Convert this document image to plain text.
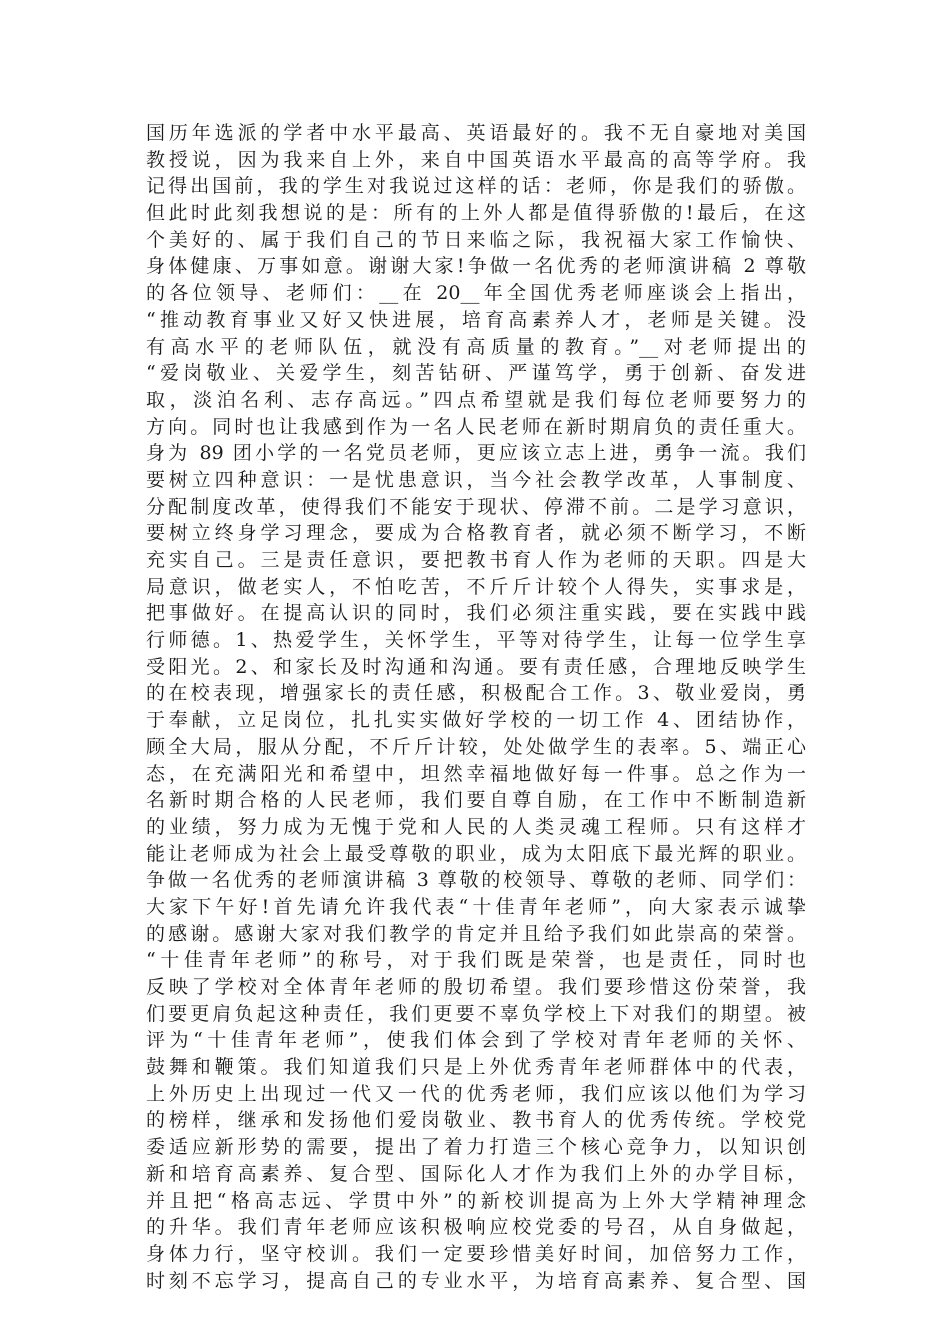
国历年选派的学者中水平最高、英语最好的。我不无自豪地对美国
教授说，因为我来自上外，来自中国英语水平最高的高等学府。我
记得出国前，我的学生对我说过这样的话：老师，你是我们的骄傲。
但此时此刻我想说的是：所有的上外人都是值得骄傲的!最后，在这
个美好的、属于我们自己的节日来临之际，我祝福大家工作愉快、
身体健康、万事如意。谢谢大家!争做一名优秀的老师演讲稿 2 尊敬
的各位领导、老师们：__在 20__年全国优秀老师座谈会上指出，
“推动教育事业又好又快进展，培育高素养人才，老师是关键。没
有高水平的老师队伍，就没有高质量的教育。”__对老师提出的
“爱岗敬业、关爱学生，刻苦钻研、严谨笃学，勇于创新、奋发进
取，淡泊名利、志存高远。”四点希望就是我们每位老师要努力的
方向。同时也让我感到作为一名人民老师在新时期肩负的责任重大。
身为 89 团小学的一名党员老师，更应该立志上进，勇争一流。我们
要树立四种意识：一是忧患意识，当今社会教学改革，人事制度、
分配制度改革，使得我们不能安于现状、停滞不前。二是学习意识，
要树立终身学习理念，要成为合格教育者，就必须不断学习，不断
充实自己。三是责任意识，要把教书育人作为老师的天职。四是大
局意识，做老实人，不怕吃苦，不斤斤计较个人得失，实事求是，
把事做好。在提高认识的同时，我们必须注重实践，要在实践中践
行师德。1、热爱学生，关怀学生，平等对待学生，让每一位学生享
受阳光。2、和家长及时沟通和沟通。要有责任感，合理地反映学生
的在校表现，增强家长的责任感，积极配合工作。3、敬业爱岗，勇
于奉献，立足岗位，扎扎实实做好学校的一切工作 4、团结协作，
顾全大局，服从分配，不斤斤计较，处处做学生的表率。5、端正心
态，在充满阳光和希望中，坦然幸福地做好每一件事。总之作为一
名新时期合格的人民老师，我们要自尊自励，在工作中不断制造新
的业绩，努力成为无愧于党和人民的人类灵魂工程师。只有这样才
能让老师成为社会上最受尊敬的职业，成为太阳底下最光辉的职业。
争做一名优秀的老师演讲稿 3 尊敬的校领导、尊敬的老师、同学们：
大家下午好!首先请允许我代表“十佳青年老师”，向大家表示诚挚
的感谢。感谢大家对我们教学的肯定并且给予我们如此崇高的荣誉。
“十佳青年老师”的称号，对于我们既是荣誉，也是责任，同时也
反映了学校对全体青年老师的殷切希望。我们要珍惜这份荣誉，我
们要更肩负起这种责任，我们更要不辜负学校上下对我们的期望。被
评为“十佳青年老师”，使我们体会到了学校对青年老师的关怀、
鼓舞和鞭策。我们知道我们只是上外优秀青年老师群体中的代表，
上外历史上出现过一代又一代的优秀老师，我们应该以他们为学习
的榜样，继承和发扬他们爱岗敬业、教书育人的优秀传统。学校党
委适应新形势的需要，提出了着力打造三个核心竞争力，以知识创
新和培育高素养、复合型、国际化人才作为我们上外的办学目标，
并且把“格高志远、学贯中外”的新校训提高为上外大学精神理念
的升华。我们青年老师应该积极响应校党委的号召，从自身做起，
身体力行，坚守校训。我们一定要珍惜美好时间，加倍努力工作，
时刻不忘学习，提高自己的专业水平，为培育高素养、复合型、国
